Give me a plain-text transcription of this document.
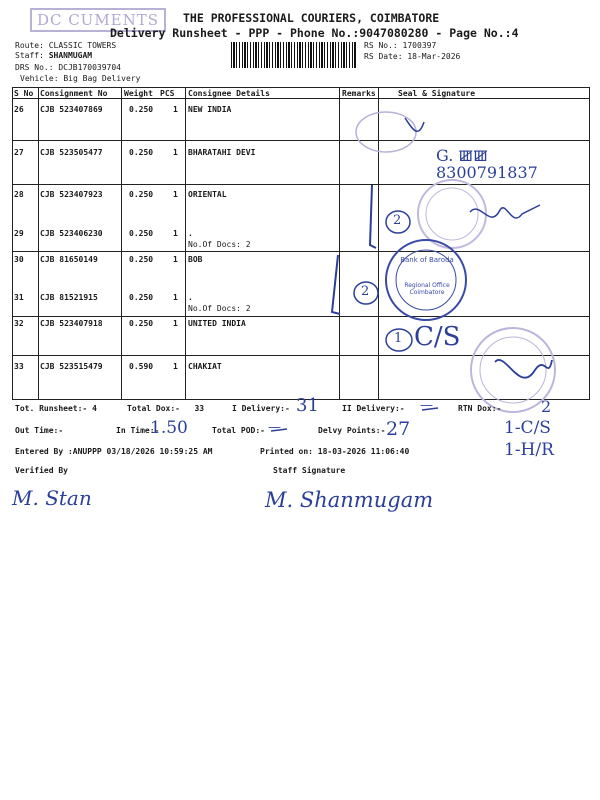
DC CUMENTS	THE PROFESSIONAL COURIERS, COIMBATORE
Delivery Runsheet - PPP - Phone No.:9047080280 - Page No.:4
Route: CLASSIC TOWERS
Staff: SHANMUGAM
DRS No.: DCJB170039704
Vehicle: Big Bag Delivery
RS No.: 1700397
RS Date: 18-Mar-2026
S No Consignment No Weight PCS Consignee Details	Remarks	Seal & Signature
26 CJB 523407869	0.250 1 NEW INDIA
27 CJB 523505477	0.250 1 BHARATAHI DEVI
28 CJB 523407923	0.250 1 ORIENTAL
29 CJB 523406230	0.250 1 .
No.Of Docs: 2
30 CJB 81650149	0.250 1 BOB
31 CJB 81521915	0.250 1 .
No.Of Docs: 2
32 CJB 523407918	0.250 1 UNITED INDIA
33 CJB 523515479	0.590 1 CHAKIAT
Bank of Baroda
Regional Office Coimbatore
G. ꯀꯀ
8300791837
2
2
1 C/S
Tot. Runsheet:- 4	Total Dox:- 33	I Delivery:-	II Delivery:-	RTN Dox:-
Out Time:-	In Time:-	Total POD:-	Delvy Points:-
Entered By :ANUPPP 03/18/2026 10:59:25 AM	Printed on: 18-03-2026 11:06:40
Verified By	Staff Signature
31	—	2
1.50	—	27	1-C/S
1-H/R
M. Stan	M. Shanmugam
